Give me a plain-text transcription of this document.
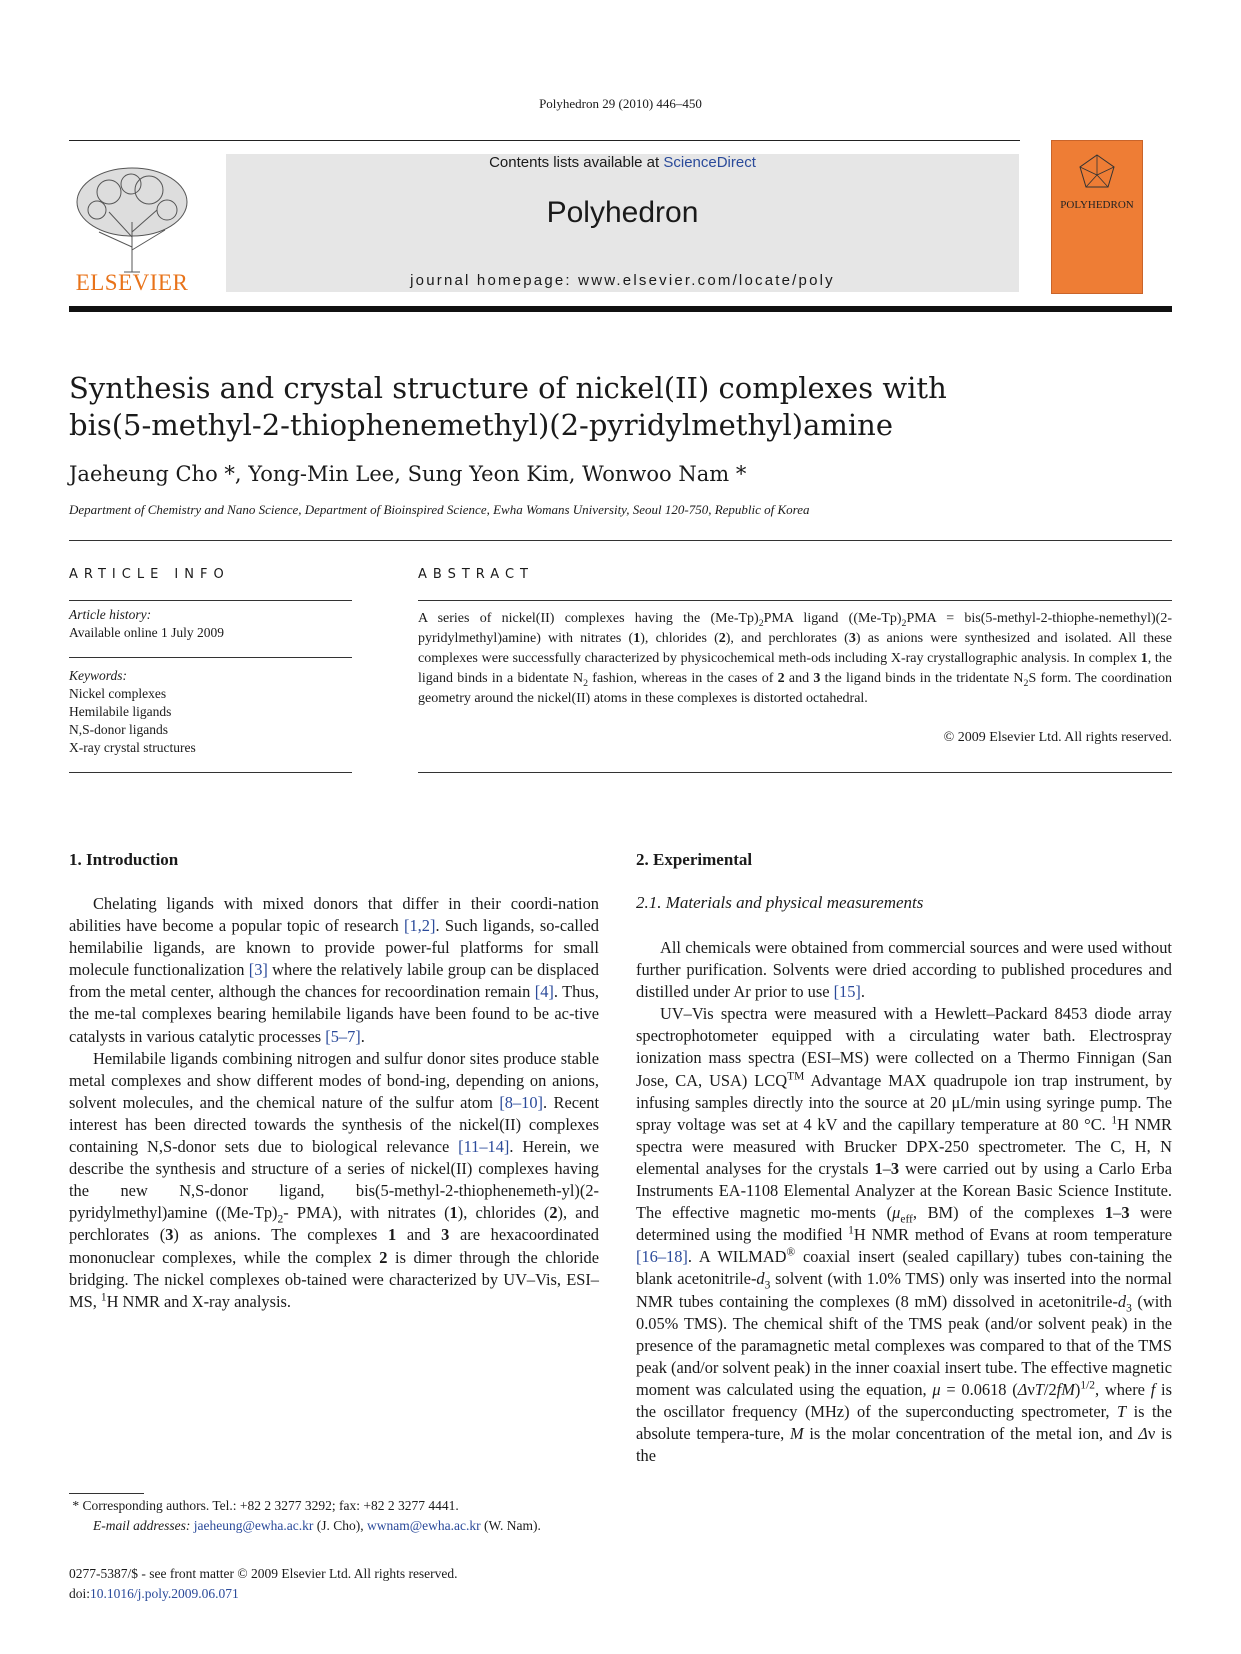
Polyhedron 29 (2010) 446–450
ELSEVIER
Contents lists available at ScienceDirect
Polyhedron
journal homepage: www.elsevier.com/locate/poly
POLYHEDRON
Synthesis and crystal structure of nickel(II) complexes with
bis(5-methyl-2-thiophenemethyl)(2-pyridylmethyl)amine
Jaeheung Cho *, Yong-Min Lee, Sung Yeon Kim, Wonwoo Nam *
Department of Chemistry and Nano Science, Department of Bioinspired Science, Ewha Womans University, Seoul 120-750, Republic of Korea
ARTICLE INFO
Article history:
Available online 1 July 2009
Keywords:
Nickel complexes
Hemilabile ligands
N,S-donor ligands
X-ray crystal structures
ABSTRACT
A series of nickel(II) complexes having the $(Me-Tp)_2PMA$ ligand ($(Me-Tp)_2PMA$ = bis(5-methyl-2-thiophe-nemethyl)(2-pyridylmethyl)amine) with nitrates (1), chlorides (2), and perchlorates (3) as anions were synthesized and isolated. All these complexes were successfully characterized by physicochemical meth-ods including X-ray crystallographic analysis. In complex 1, the ligand binds in a bidentate $N_2$ fashion, whereas in the cases of 2 and 3 the ligand binds in the tridentate $N_2S$ form. The coordination geometry around the nickel(II) atoms in these complexes is distorted octahedral.
© 2009 Elsevier Ltd. All rights reserved.
1. Introduction

Chelating ligands with mixed donors that differ in their coordi-nation abilities have become a popular topic of research [1,2]. Such ligands, so-called hemilabilie ligands, are known to provide power-ful platforms for small molecule functionalization [3] where the relatively labile group can be displaced from the metal center, although the chances for recoordination remain [4]. Thus, the me-tal complexes bearing hemilabile ligands have been found to be ac-tive catalysts in various catalytic processes [5–7].

Hemilabile ligands combining nitrogen and sulfur donor sites produce stable metal complexes and show different modes of bond-ing, depending on anions, solvent molecules, and the chemical nature of the sulfur atom [8–10]. Recent interest has been directed towards the synthesis of the nickel(II) complexes containing N,S-donor sets due to biological relevance [11–14]. Herein, we describe the synthesis and structure of a series of nickel(II) complexes having the new N,S-donor ligand, bis(5-methyl-2-thiophenemeth-yl)(2-pyridylmethyl)amine ($(Me-Tp)_2-$ PMA), with nitrates (1), chlorides (2), and perchlorates (3) as anions. The complexes 1 and 3 are hexacoordinated mononuclear complexes, while the complex 2 is dimer through the chloride bridging. The nickel complexes ob-tained were characterized by UV–Vis, ESI–MS, $^1$H NMR and X-ray analysis.

2. Experimental
2.1. Materials and physical measurements

All chemicals were obtained from commercial sources and were used without further purification. Solvents were dried according to published procedures and distilled under Ar prior to use [15].

UV–Vis spectra were measured with a Hewlett–Packard 8453 diode array spectrophotometer equipped with a circulating water bath. Electrospray ionization mass spectra (ESI–MS) were collected on a Thermo Finnigan (San Jose, CA, USA) LCQ™ Advantage MAX quadrupole ion trap instrument, by infusing samples directly into the source at 20 μL/min using syringe pump. The spray voltage was set at 4 kV and the capillary temperature at 80 °C. $^1$H NMR spectra were measured with Brucker DPX-250 spectrometer. The C, H, N elemental analyses for the crystals 1–3 were carried out by using a Carlo Erba Instruments EA-1108 Elemental Analyzer at the Korean Basic Science Institute. The effective magnetic mo-ments ($\mu_{eff}$, BM) of the complexes 1–3 were determined using the modified $^1$H NMR method of Evans at room temperature [16–18]. A WILMAD® coaxial insert (sealed capillary) tubes con-taining the blank acetonitrile-$d_3$ solvent (with 1.0% TMS) only was inserted into the normal NMR tubes containing the complexes (8 mM) dissolved in acetonitrile-$d_3$ (with 0.05% TMS). The chemical shift of the TMS peak (and/or solvent peak) in the presence of the paramagnetic metal complexes was compared to that of the TMS peak (and/or solvent peak) in the inner coaxial insert tube. The effective magnetic moment was calculated using the equation, μ = 0.0618 $(\Delta\nu T/2fM)^{1/2}$, where f is the oscillator frequency (MHz) of the superconducting spectrometer, T is the absolute tempera-ture, M is the molar concentration of the metal ion, and Δν is the

* Corresponding authors. Tel.: +82 2 3277 3292; fax: +82 2 3277 4441.
E-mail addresses: jaeheung@ewha.ac.kr (J. Cho), wwnam@ewha.ac.kr (W. Nam).
0277-5387/$ - see front matter © 2009 Elsevier Ltd. All rights reserved.
doi:10.1016/j.poly.2009.06.071
